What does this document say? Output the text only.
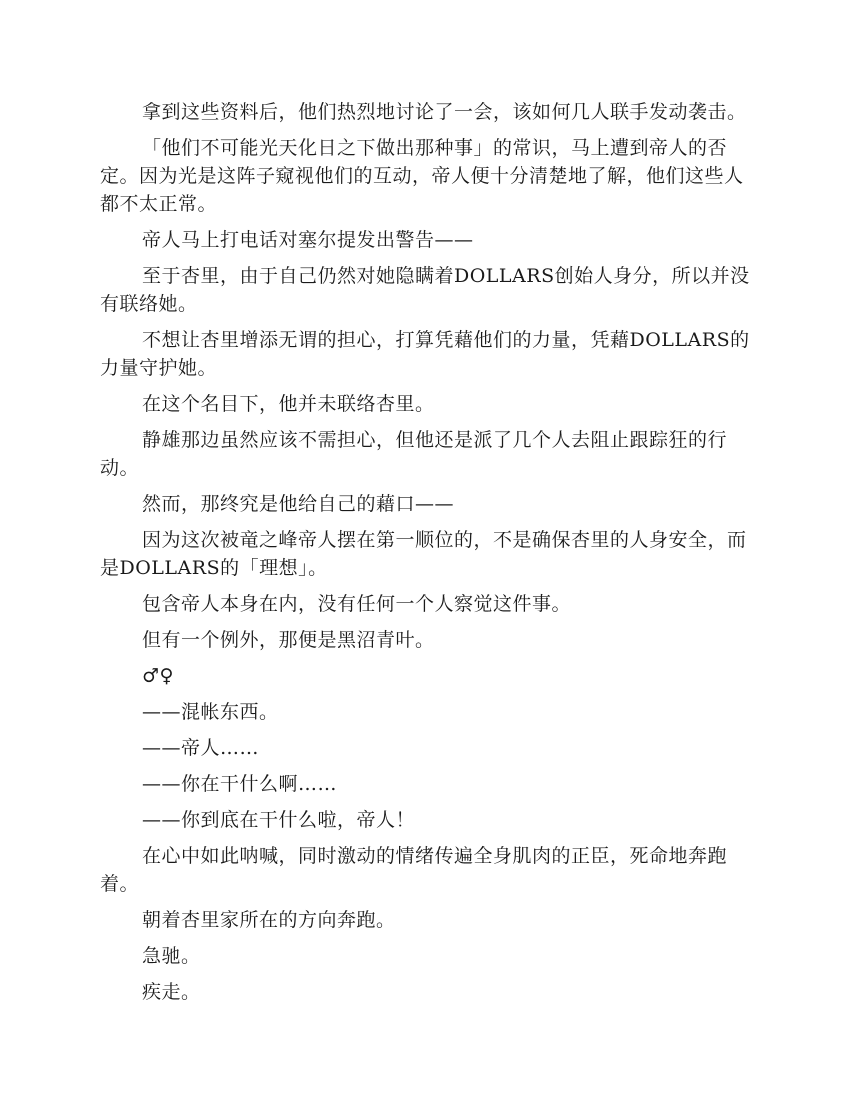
拿到这些资料后，他们热烈地讨论了一会，该如何几人联手发动袭击。

「他们不可能光天化日之下做出那种事」的常识，马上遭到帝人的否定。因为光是这阵子窥视他们的互动，帝人便十分清楚地了解，他们这些人都不太正常。

帝人马上打电话对塞尔提发出警告——

至于杏里，由于自己仍然对她隐瞒着DOLLARS创始人身分，所以并没有联络她。

不想让杏里增添无谓的担心，打算凭藉他们的力量，凭藉DOLLARS的力量守护她。

在这个名目下，他并未联络杏里。

静雄那边虽然应该不需担心，但他还是派了几个人去阻止跟踪狂的行动。

然而，那终究是他给自己的藉口——

因为这次被竜之峰帝人摆在第一顺位的，不是确保杏里的人身安全，而是DOLLARS的「理想」。

包含帝人本身在内，没有任何一个人察觉这件事。

但有一个例外，那便是黑沼青叶。

♂♀

——混帐东西。

——帝人……

——你在干什么啊……

——你到底在干什么啦，帝人！

在心中如此呐喊，同时激动的情绪传遍全身肌肉的正臣，死命地奔跑着。

朝着杏里家所在的方向奔跑。

急驰。

疾走。
